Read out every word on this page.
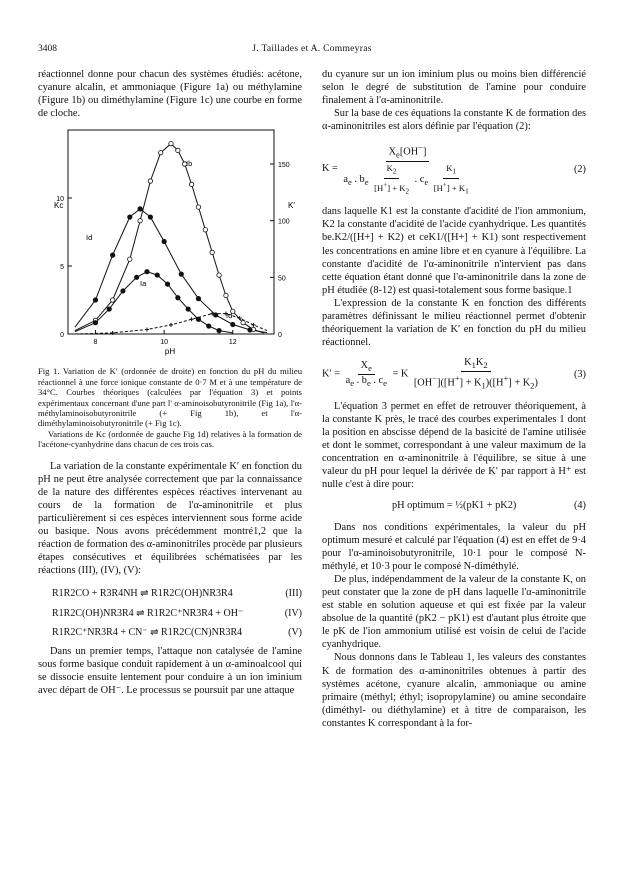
3408	J. Taillades et A. Commeyras

réactionnel donne pour chacun des systèmes étudiés: acétone, cyanure alcalin, et ammoniaque (Figure 1a) ou méthylamine (Figure 1b) ou diméthylamine (Figure 1c) une courbe en forme de cloche.

0
5
10
0
50
100
150
8	10	12
Kc	K′
pH
Ib
Ia
Id
Id

Fig 1. Variation de K′ (ordonnée de droite) en fonction du pH du milieu réactionnel à une force ionique constante de 0·7 M et à une température de 34°C. Courbes théoriques (calculées par l'équation 3) et points expérimentaux concernant d'une part l' α-aminoisobutyronitrile (Fig 1a), l'α-méthylaminoisobutyronitrile (+ Fig 1b), et l'α-diméthylaminoisobutyronitrile (+ Fig 1c).

Variations de Kc (ordonnée de gauche Fig 1d) relatives à la formation de l'acétone-cyanhydrine dans chacun de ces trois cas.

La variation de la constante expérimentale K′ en fonction du pH ne peut être analysée correctement que par la connaissance de la nature des différentes espèces réactives intervenant au cours de la formation de l'α-aminonitrile et plus particulièrement si ces espèces interviennent sous forme acide ou basique. Nous avons précédemment montré1,2 que la réaction de formation des α-aminonitriles procède par plusieurs étapes consécutives et équilibrées schématisées par les réactions (III), (IV), (V):

R1R2CO + R3R4NH ⇌ R1R2C(OH)NR3R4	(III)
R1R2C(OH)NR3R4 ⇌ R1R2C⁺NR3R4 + OH⁻	(IV)
R1R2C⁺NR3R4 + CN⁻ ⇌ R1R2C(CN)NR3R4	(V)

Dans un premier temps, l'attaque non catalysée de l'amine sous forme basique conduit rapidement à un α-aminoalcool qui se dissocie ensuite lentement pour conduire à un ion iminium avec départ de OH⁻. Le processus se poursuit par une attaque

du cyanure sur un ion iminium plus ou moins bien différencié selon le degré de substitution de l'amine pour conduire finalement à l'α-aminonitrile.

Sur la base de ces équations la constante K de formation des α-aminonitriles est alors définie par l'équation (2):

K =
$X_e[OH^-]$
$a_e$ . $b_e \frac{K_2}{[H^+] + K_2}$ . $c_e \frac{K_1}{[H^+] + K_1}$	(2)

dans laquelle K1 est la constante d'acidité de l'ion ammonium, K2 la constante d'acidité de l'acide cyanhydrique. Les quantités be.K2/([H+] + K2) et ceK1/([H+] + K1) sont respectivement les concentrations en amine libre et en cyanure à l'équilibre. La constante d'acidité de l'α-aminonitrile n'intervient pas dans cette équation étant donné que l'α-aminonitrile dans la zone de pH étudiée (8-12) est quasi-totalement sous forme basique.1

L'expression de la constante K en fonction des différents paramètres définissant le milieu réactionnel permet d'obtenir théoriquement la variation de K′ en fonction du pH du milieu réactionnel.

$K' = \frac{X_e}{a_e . b_e . c_e} = K \frac{K_1K_2}{[OH^-]([H^+] + K_1)([H^+] + K_2)}$	(3)

L'équation 3 permet en effet de retrouver théoriquement, à la constante K près, le tracé des courbes experimentales 1 dont la position en abscisse dépend de la basicité de l'amine utilisée et dont le sommet, correspondant à une valeur maximum de la concentration en α-aminonitrile à l'équilibre, se situe à une valeur du pH pour lequel la dérivée de K′ par rapport à H⁺ est nulle c'est à dire pour:

pH optimum = ½(pK1 + pK2)	(4)

Dans nos conditions expérimentales, la valeur du pH optimum mesuré et calculé par l'équation (4) est en effet de 9·4 pour l'α-aminoisobutyronitrile, 10·1 pour le composé N-méthylé, et 10·3 pour le composé N-diméthylé.

De plus, indépendamment de la valeur de la constante K, on peut constater que la zone de pH dans laquelle l'α-aminonitrile est stable en solution aqueuse et qui est fixée par la valeur absolue de la quantité (pK2 − pK1) est d'autant plus étroite que le pK de l'ion ammonium utilisé est voisin de celui de l'acide cyanhydrique.

Nous donnons dans le Tableau 1, les valeurs des constantes K de formation des α-aminonitriles obtenues à partir des systèmes acétone, cyanure alcalin, ammoniaque ou amine primaire (méthyl; éthyl; isopropylamine) ou amine secondaire (diméthyl- ou diéthylamine) et à titre de comparaison, les constantes K correspondant à la for-
